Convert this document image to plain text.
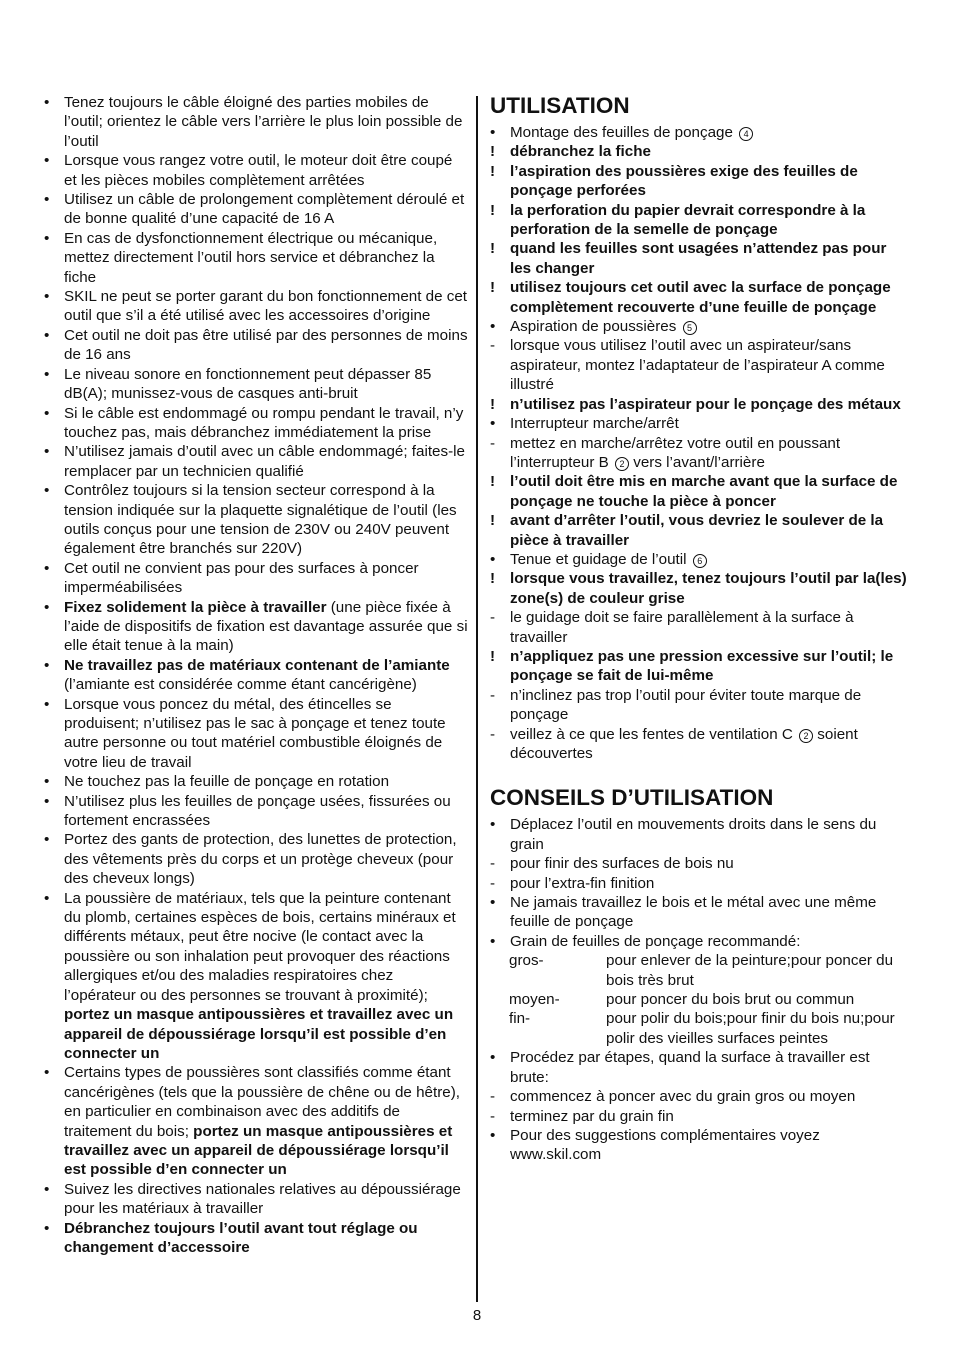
• Tenez toujours le câble éloigné des parties mobiles de l’outil; orientez le câble vers l’arrière le plus loin possible de l’outil
• Lorsque vous rangez votre outil, le moteur doit être coupé et les pièces mobiles complètement arrêtées
• Utilisez un câble de prolongement complètement déroulé et de bonne qualité d’une capacité de 16 A
• En cas de dysfonctionnement électrique ou mécanique, mettez directement l’outil hors service et débranchez la fiche
• SKIL ne peut se porter garant du bon fonctionnement de cet outil que s’il a été utilisé avec les accessoires d’origine
• Cet outil ne doit pas être utilisé par des personnes de moins de 16 ans
• Le niveau sonore en fonctionnement peut dépasser 85 dB(A); munissez-vous de casques anti-bruit
• Si le câble est endommagé ou rompu pendant le travail, n’y touchez pas, mais débranchez immédiatement la prise
• N’utilisez jamais d’outil avec un câble endommagé; faites-le remplacer par un technicien qualifié
• Contrôlez toujours si la tension secteur correspond à la tension indiquée sur la plaquette signalétique de l’outil (les outils conçus pour une tension de 230V ou 240V peuvent également être branchés sur 220V)
• Cet outil ne convient pas pour des surfaces à poncer imperméabilisées
• Fixez solidement la pièce à travailler (une pièce fixée à l’aide de dispositifs de fixation est davantage assurée que si elle était tenue à la main)
• Ne travaillez pas de matériaux contenant de l’amiante (l’amiante est considérée comme étant cancérigène)
• Lorsque vous poncez du métal, des étincelles se produisent; n’utilisez pas le sac à ponçage et tenez toute autre personne ou tout matériel combustible éloignés de votre lieu de travail
• Ne touchez pas la feuille de ponçage en rotation
• N’utilisez plus les feuilles de ponçage usées, fissurées ou fortement encrassées
• Portez des gants de protection, des lunettes de protection, des vêtements près du corps et un protège cheveux (pour des cheveux longs)
• La poussière de matériaux, tels que la peinture contenant du plomb, certaines espèces de bois, certains minéraux et différents métaux, peut être nocive (le contact avec la poussière ou son inhalation peut provoquer des réactions allergiques et/ou des maladies respiratoires chez l’opérateur ou des personnes se trouvant à proximité); portez un masque antipoussières et travaillez avec un appareil de dépoussiérage lorsqu’il est possible d’en connecter un
• Certains types de poussières sont classifiés comme étant cancérigènes (tels que la poussière de chêne ou de hêtre), en particulier en combinaison avec des additifs de traitement du bois; portez un masque antipoussières et travaillez avec un appareil de dépoussiérage lorsqu’il est possible d’en connecter un
• Suivez les directives nationales relatives au dépoussiérage pour les matériaux à travailler
• Débranchez toujours l’outil avant tout réglage ou changement d’accessoire
UTILISATION
• Montage des feuilles de ponçage 4
! débranchez la fiche
! l’aspiration des poussières exige des feuilles de ponçage perforées
! la perforation du papier devrait correspondre à la perforation de la semelle de ponçage
! quand les feuilles sont usagées n’attendez pas pour les changer
! utilisez toujours cet outil avec la surface de ponçage complètement recouverte d’une feuille de ponçage
• Aspiration de poussières 5
- lorsque vous utilisez l’outil avec un aspirateur/sans aspirateur, montez l’adaptateur de l’aspirateur A comme illustré
! n’utilisez pas l’aspirateur pour le ponçage des métaux
• Interrupteur marche/arrêt
- mettez en marche/arrêtez votre outil en poussant l’interrupteur B 2 vers l’avant/l’arrière
! l’outil doit être mis en marche avant que la surface de ponçage ne touche la pièce à poncer
! avant d’arrêter l’outil, vous devriez le soulever de la pièce à travailler
• Tenue et guidage de l’outil 6
! lorsque vous travaillez, tenez toujours l’outil par la(les) zone(s) de couleur grise
- le guidage doit se faire parallèlement à la surface à travailler
! n’appliquez pas une pression excessive sur l’outil; le ponçage se fait de lui-même
- n’inclinez pas trop l’outil pour éviter toute marque de ponçage
- veillez à ce que les fentes de ventilation C 2 soient découvertes
CONSEILS D’UTILISATION
• Déplacez l’outil en mouvements droits dans le sens du grain
- pour finir des surfaces de bois nu
- pour l’extra-fin finition
• Ne jamais travaillez le bois et le métal avec une même feuille de ponçage
• Grain de feuilles de ponçage recommandé:
gros-	pour enlever de la peinture;pour poncer du bois très brut
moyen-	pour poncer du bois brut ou commun
fin-	pour polir du bois;pour finir du bois nu;pour polir des vieilles surfaces peintes
• Procédez par étapes, quand la surface à travailler est brute:
- commencez à poncer avec du grain gros ou moyen
- terminez par du grain fin
• Pour des suggestions complémentaires voyez www.skil.com
8
